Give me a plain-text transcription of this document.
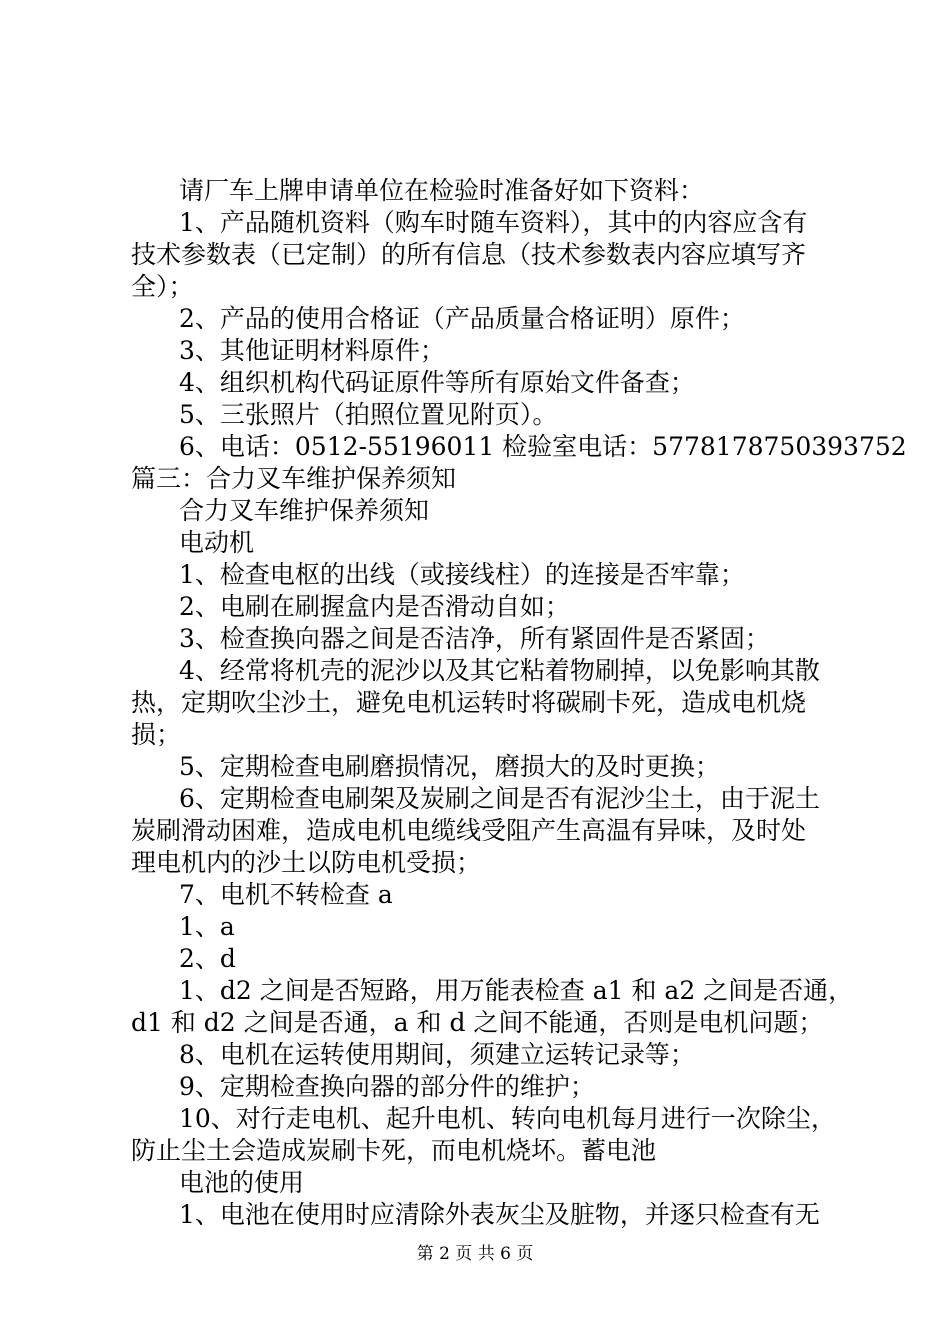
请厂车上牌申请单位在检验时准备好如下资料：
1、产品随机资料（购车时随车资料），其中的内容应含有
技术参数表（已定制）的所有信息（技术参数表内容应填写齐
全）；
2、产品的使用合格证（产品质量合格证明）原件；
3、其他证明材料原件；
4、组织机构代码证原件等所有原始文件备查；
5、三张照片（拍照位置见附页）。
6、电话：0512-55196011 检验室电话：5778178750393752
篇三：合力叉车维护保养须知
合力叉车维护保养须知
电动机
1、检查电枢的出线（或接线柱）的连接是否牢靠；
2、电刷在刷握盒内是否滑动自如；
3、检查换向器之间是否洁净，所有紧固件是否紧固；
4、经常将机壳的泥沙以及其它粘着物刷掉，以免影响其散
热，定期吹尘沙土，避免电机运转时将碳刷卡死，造成电机烧
损；
5、定期检查电刷磨损情况，磨损大的及时更换；
6、定期检查电刷架及炭刷之间是否有泥沙尘土，由于泥土
炭刷滑动困难，造成电机电缆线受阻产生高温有异味，及时处
理电机内的沙土以防电机受损；
7、电机不转检查 a
1、a
2、d
1、d2 之间是否短路，用万能表检查 a1 和 a2 之间是否通，
d1 和 d2 之间是否通，a 和 d 之间不能通，否则是电机问题；
8、电机在运转使用期间，须建立运转记录等；
9、定期检查换向器的部分件的维护；
10、对行走电机、起升电机、转向电机每月进行一次除尘，
防止尘土会造成炭刷卡死，而电机烧坏。蓄电池
电池的使用
1、电池在使用时应清除外表灰尘及脏物，并逐只检查有无
第 2 页 共 6 页
